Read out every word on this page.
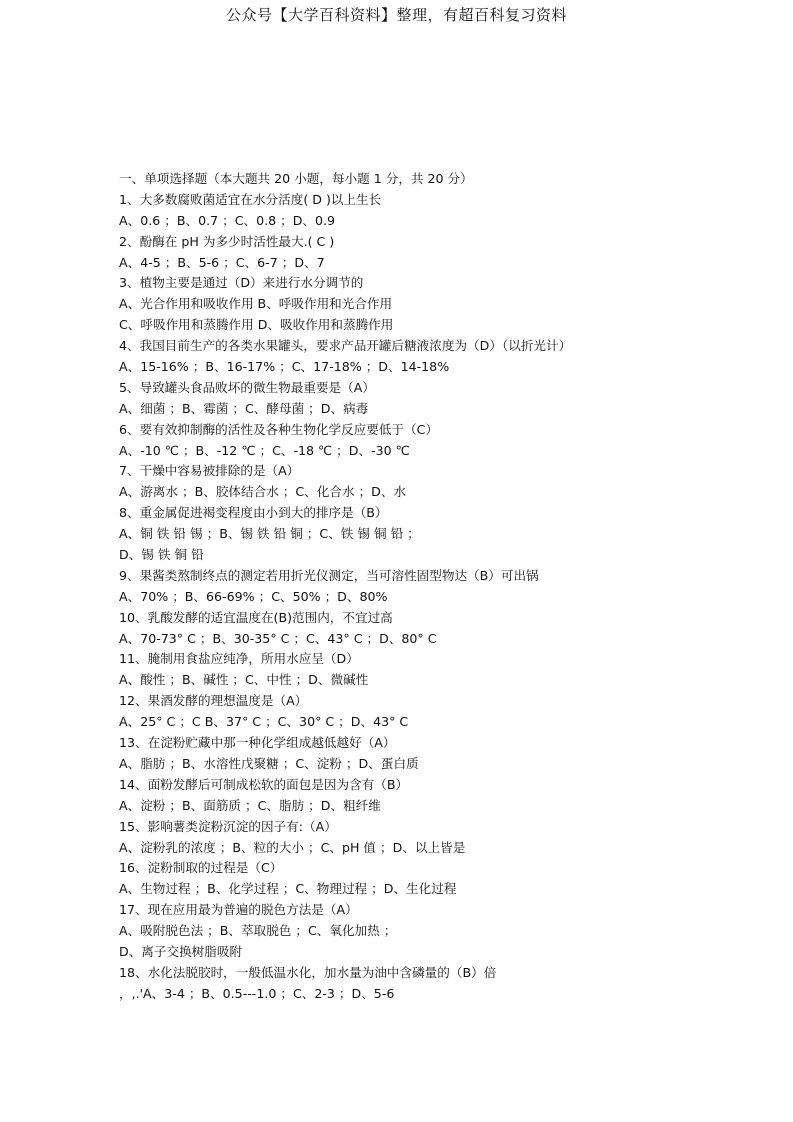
公众号【大学百科资料】整理，有超百科复习资料
一、单项选择题（本大题共 20 小题，每小题 1 分，共 20 分）
1、大多数腐败菌适宜在水分活度( D )以上生长
A、0.6 ；B、0.7 ；C、0.8 ；D、0.9
2、酚酶在 pH 为多少时活性最大.( C )
A、4-5 ；B、5-6 ；C、6-7 ；D、7
3、植物主要是通过（D）来进行水分调节的
A、光合作用和吸收作用 B、呼吸作用和光合作用
C、呼吸作用和蒸腾作用 D、吸收作用和蒸腾作用
4、我国目前生产的各类水果罐头，要求产品开罐后糖液浓度为（D）（以折光计）
A、15-16% ；B、16-17% ；C、17-18% ；D、14-18%
5、导致罐头食品败坏的微生物最重要是（A）
A、细菌 ；B、霉菌 ；C、酵母菌 ；D、病毒
6、要有效抑制酶的活性及各种生物化学反应要低于（C）
A、-10 ℃ ；B、-12 ℃ ；C、-18 ℃ ；D、-30 ℃
7、干燥中容易被排除的是（A）
A、游离水 ；B、胶体结合水 ；C、化合水 ；D、水
8、重金属促进褐变程度由小到大的排序是（B）
A、铜 铁 铅 锡 ；B、锡 铁 铅 铜 ；C、铁 锡 铜 铅 ；
D、锡 铁 铜 铅
9、果酱类熬制终点的测定若用折光仪测定，当可溶性固型物达（B）可出锅
A、70% ；B、66-69% ；C、50% ；D、80%
10、乳酸发酵的适宜温度在(B)范围内，不宜过高
A、70-73° C ；B、30-35° C ；C、43° C ；D、80° C
11、腌制用食盐应纯净，所用水应呈（D）
A、酸性 ；B、碱性 ；C、中性 ；D、微碱性
12、果酒发酵的理想温度是（A）
A、25° C ；C B、37° C ；C、30° C ；D、43° C
13、在淀粉贮藏中那一种化学组成越低越好（A）
A、脂肪 ；B、水溶性戊聚糖 ；C、淀粉 ；D、蛋白质
14、面粉发酵后可制成松软的面包是因为含有（B）
A、淀粉 ；B、面筋质 ；C、脂肪 ；D、粗纤维
15、影响薯类淀粉沉淀的因子有:（A）
A、淀粉乳的浓度 ；B、粒的大小 ；C、pH 值 ；D、以上皆是
16、淀粉制取的过程是（C）
A、生物过程 ；B、化学过程 ；C、物理过程 ；D、生化过程
17、现在应用最为普遍的脱色方法是（A）
A、吸附脱色法 ；B、萃取脱色 ；C、氧化加热 ；
D、离子交换树脂吸附
18、水化法脱胶时，一般低温水化，加水量为油中含磷量的（B）倍
，,.'A、3-4 ；B、0.5---1.0 ；C、2-3 ；D、5-6
